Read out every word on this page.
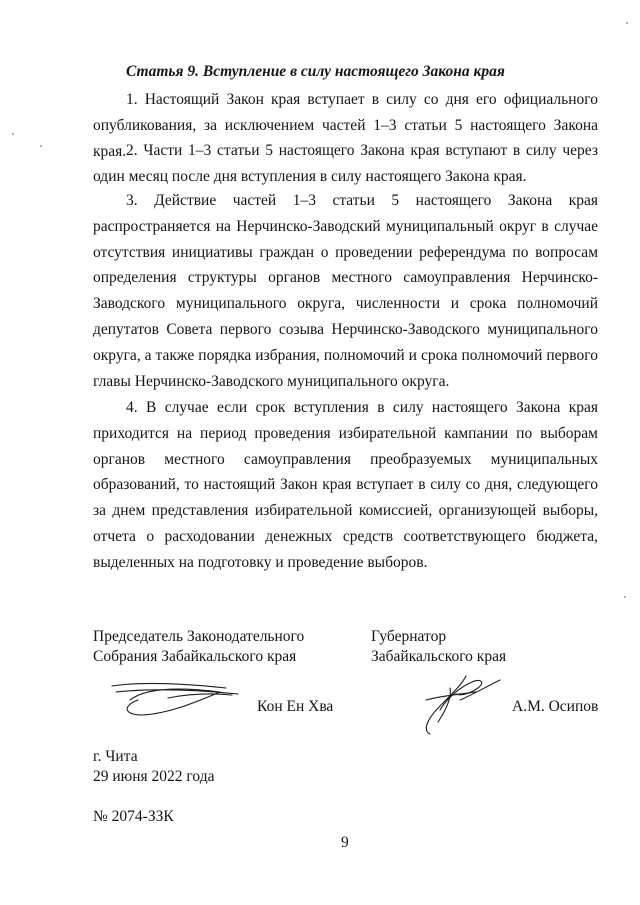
Статья 9. Вступление в силу настоящего Закона края

1. Настоящий Закон края вступает в силу со дня его официального опубликования, за исключением частей 1–3 статьи 5 настоящего Закона края. 2. Части 1–3 статьи 5 настоящего Закона края вступают в силу через один месяц после дня вступления в силу настоящего Закона края.

3. Действие частей 1–3 статьи 5 настоящего Закона края распространяется на Нерчинско-Заводский муниципальный округ в случае отсутствия инициативы граждан о проведении референдума по вопросам определения структуры органов местного самоуправления Нерчинско-Заводского муниципального округа, численности и срока полномочий депутатов Совета первого созыва Нерчинско-Заводского муниципального округа, а также порядка избрания, полномочий и срока полномочий первого главы Нерчинско-Заводского муниципального округа.

4. В случае если срок вступления в силу настоящего Закона края приходится на период проведения избирательной кампании по выборам органов местного самоуправления преобразуемых муниципальных образований, то настоящий Закон края вступает в силу со дня, следующего за днем представления избирательной комиссией, организующей выборы, отчета о расходовании денежных средств соответствующего бюджета, выделенных на подготовку и проведение выборов.

Председатель Законодательного
Собрания Забайкальского края
Губернатор
Забайкальского края
Кон Ен Хва	А.М. Осипов
г. Чита
29 июня 2022 года
№ 2074-ЗЗК
9
